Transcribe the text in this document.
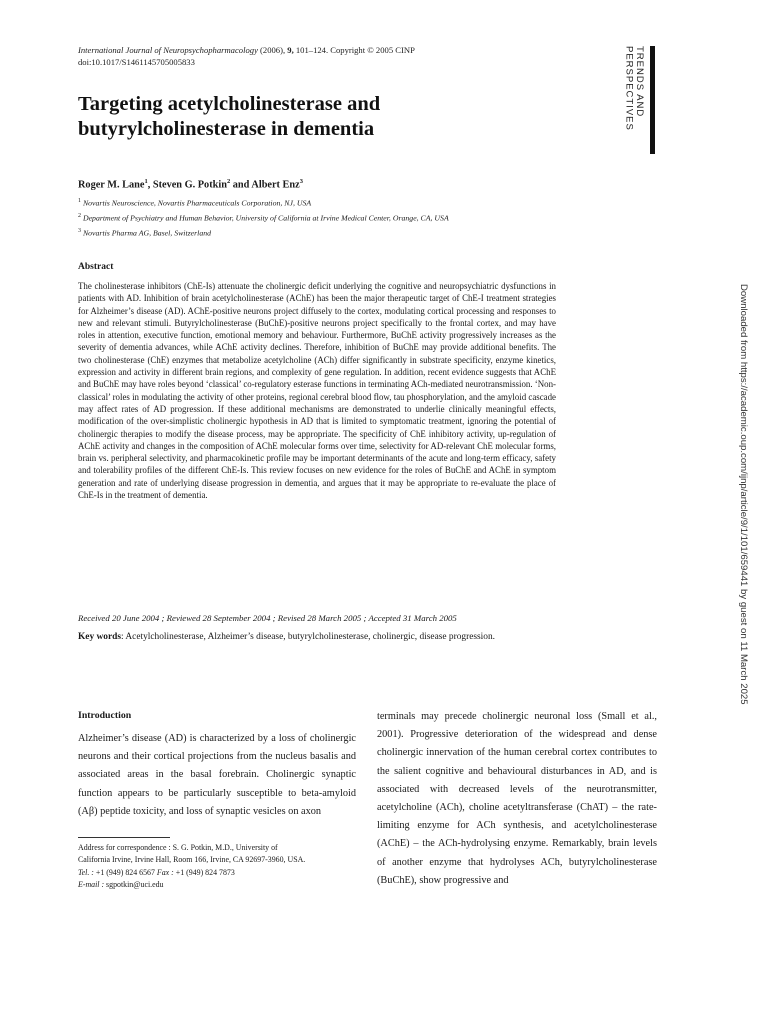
International Journal of Neuropsychopharmacology (2006), 9, 101–124. Copyright © 2005 CINP
doi:10.1017/S1461145705005833	TRENDS AND PERSPECTIVES
Downloaded from https://academic.oup.com/ijnp/article/9/1/101/659441 by guest on 11 March 2025
Targeting acetylcholinesterase and butyrylcholinesterase in dementia
Roger M. Lane$^1$, Steven G. Potkin$^2$ and Albert Enz$^3$
$^1$ Novartis Neuroscience, Novartis Pharmaceuticals Corporation, NJ, USA
$^2$ Department of Psychiatry and Human Behavior, University of California at Irvine Medical Center, Orange, CA, USA
$^3$ Novartis Pharma AG, Basel, Switzerland
Abstract

The cholinesterase inhibitors (ChE-Is) attenuate the cholinergic deficit underlying the cognitive and neuropsychiatric dysfunctions in patients with AD. Inhibition of brain acetylcholinesterase (AChE) has been the major therapeutic target of ChE-I treatment strategies for Alzheimer’s disease (AD). AChE-positive neurons project diffusely to the cortex, modulating cortical processing and responses to new and relevant stimuli. Butyrylcholinesterase (BuChE)-positive neurons project specifically to the frontal cortex, and may have roles in attention, executive function, emotional memory and behaviour. Furthermore, BuChE activity progressively increases as the severity of dementia advances, while AChE activity declines. Therefore, inhibition of BuChE may provide additional benefits. The two cholinesterase (ChE) enzymes that metabolize acetylcholine (ACh) differ significantly in substrate specificity, enzyme kinetics, expression and activity in different brain regions, and complexity of gene regulation. In addition, recent evidence suggests that AChE and BuChE may have roles beyond ‘classical’ co-regulatory esterase functions in terminating ACh-mediated neurotransmission. ‘Non-classical’ roles in modulating the activity of other proteins, regional cerebral blood flow, tau phosphorylation, and the amyloid cascade may affect rates of AD progression. If these additional mechanisms are demonstrated to underlie clinically meaningful effects, modification of the over-simplistic cholinergic hypothesis in AD that is limited to symptomatic treatment, ignoring the potential of cholinergic therapies to modify the disease process, may be appropriate. The specificity of ChE inhibitory activity, up-regulation of AChE activity and changes in the composition of AChE molecular forms over time, selectivity for AD-relevant ChE molecular forms, brain vs. peripheral selectivity, and pharmacokinetic profile may be important determinants of the acute and long-term efficacy, safety and tolerability profiles of the different ChE-Is. This review focuses on new evidence for the roles of BuChE and AChE in symptom generation and rate of underlying disease progression in dementia, and argues that it may be appropriate to re-evaluate the place of ChE-Is in the treatment of dementia.

Received 20 June 2004 ; Reviewed 28 September 2004 ; Revised 28 March 2005 ; Accepted 31 March 2005
Key words: Acetylcholinesterase, Alzheimer’s disease, butyrylcholinesterase, cholinergic, disease progression.
Introduction

Alzheimer’s disease (AD) is characterized by a loss of cholinergic neurons and their cortical projections from the nucleus basalis and associated areas in the basal forebrain. Cholinergic synaptic function appears to be particularly susceptible to beta-amyloid (Aβ) peptide toxicity, and loss of synaptic vesicles on axon

terminals may precede cholinergic neuronal loss (Small et al., 2001). Progressive deterioration of the widespread and dense cholinergic innervation of the human cerebral cortex contributes to the salient cognitive and behavioural disturbances in AD, and is associated with decreased levels of the neurotransmitter, acetylcholine (ACh), choline acetyltransferase (ChAT) – the rate-limiting enzyme for ACh synthesis, and acetylcholinesterase (AChE) – the ACh-hydrolysing enzyme. Remarkably, brain levels of another enzyme that hydrolyses ACh, butyrylcholinesterase (BuChE), show progressive and

Address for correspondence : S. G. Potkin, M.D., University of
California Irvine, Irvine Hall, Room 166, Irvine, CA 92697-3960, USA.
Tel. : +1 (949) 824 6567 Fax : +1 (949) 824 7873
E-mail : sgpotkin@uci.edu
